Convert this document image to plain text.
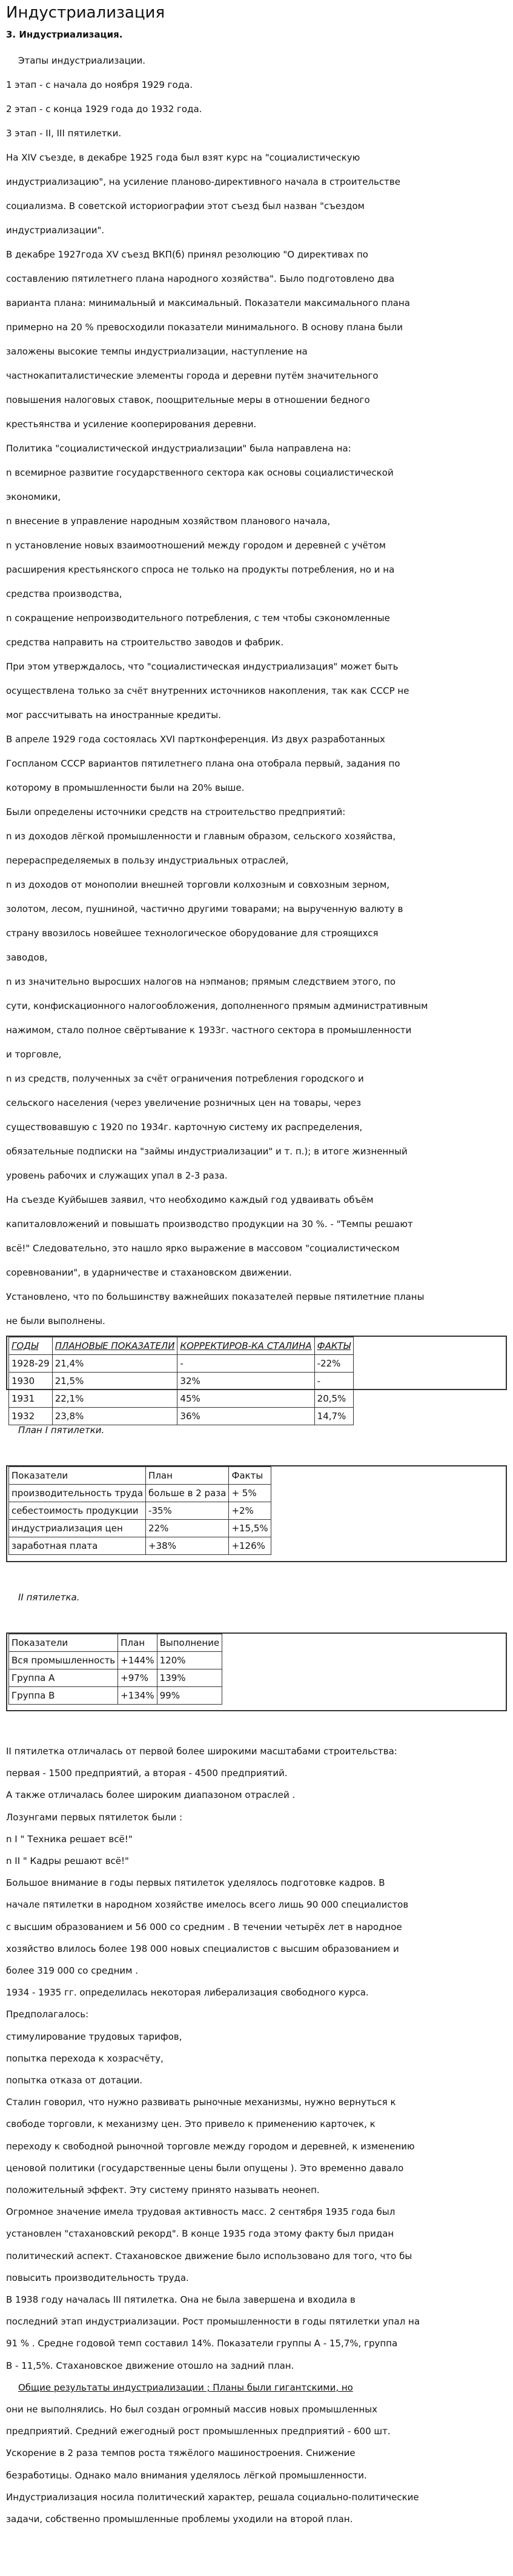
Индустриализация
3. Индустриализация.
Этапы индустриализации.
1 этап - с начала до ноября 1929 года.
2 этап - с конца 1929 года до 1932 года.
3 этап - II, III пятилетки.
На XIV съезде, в декабре 1925 года был взят курс на "социалистическую
индустриализацию", на усиление планово-директивного начала в строительстве
социализма. В советской историографии этот съезд был назван "съездом
индустриализации".
В декабре 1927года XV съезд ВКП(б) принял резолюцию "О директивах по
составлению пятилетнего плана народного хозяйства". Было подготовлено два
варианта плана: минимальный и максимальный. Показатели максимального плана
примерно на 20 % превосходили показатели минимального. В основу плана были
заложены высокие темпы индустриализации, наступление на
частнокапиталистические элементы города и деревни путём значительного
повышения налоговых ставок, поощрительные меры в отношении бедного
крестьянства и усиление кооперирования деревни.
Политика "социалистической индустриализации" была направлена на:
n всемирное развитие государственного сектора как основы социалистической
экономики,
n внесение в управление народным хозяйством планового начала,
n установление новых взаимоотношений между городом и деревней с учётом
расширения крестьянского спроса не только на продукты потребления, но и на
средства производства,
n сокращение непроизводительного потребления, с тем чтобы сэкономленные
средства направить на строительство заводов и фабрик.
При этом утверждалось, что "социалистическая индустриализация" может быть
осуществлена только за счёт внутренних источников накопления, так как СССР не
мог рассчитывать на иностранные кредиты.
В апреле 1929 года состоялась XVI партконференция. Из двух разработанных
Госпланом СССР вариантов пятилетнего плана она отобрала первый, задания по
которому в промышленности были на 20% выше.
Были определены источники средств на строительство предприятий:
n из доходов лёгкой промышленности и главным образом, сельского хозяйства,
перераспределяемых в пользу индустриальных отраслей,
n из доходов от монополии внешней торговли колхозным и совхозным зерном,
золотом, лесом, пушниной, частично другими товарами; на вырученную валюту в
страну ввозилось новейшее технологическое оборудование для строящихся
заводов,
n из значительно выросших налогов на нэпманов; прямым следствием этого, по
сути, конфискационного налогообложения, дополненного прямым административным
нажимом, стало полное свёртывание к 1933г. частного сектора в промышленности
и торговле,
n из средств, полученных за счёт ограничения потребления городского и
сельского населения (через увеличение розничных цен на товары, через
существовавшую с 1920 по 1934г. карточную систему их распределения,
обязательные подписки на "займы индустриализации" и т. п.); в итоге жизненный
уровень рабочих и служащих упал в 2-3 раза.
На съезде Куйбышев заявил, что необходимо каждый год удваивать объём
капиталовложений и повышать производство продукции на 30 %. - "Темпы решают
всё!" Следовательно, это нашло ярко выражение в массовом "социалистическом
соревновании", в ударничестве и стахановском движении.
Установлено, что по большинству важнейших показателей первые пятилетние планы
не были выполнены.
ГОДЫ	ПЛАНОВЫЕ ПОКАЗАТЕЛИ	КОРРЕКТИРОВ-КА СТАЛИНА	ФАКТЫ
1928-29	21,4%	-	-22%
1930	21,5%	32%	-
1931	22,1%	45%	20,5%
1932	23,8%	36%	14,7%
План I пятилетки.
Показатели	План	Факты
производительность труда	больше в 2 раза	+ 5%
себестоимость продукции	-35%	+2%
индустриализация цен	22%	+15,5%
заработная плата	+38%	+126%
II пятилетка.
Показатели	План	Выполнение
Вся промышленность	+144%	120%
Группа А	+97%	139%
Группа В	+134%	99%
II пятилетка отличалась от первой более широкими масштабами строительства:
первая - 1500 предприятий, а вторая - 4500 предприятий.
А также отличалась более широким диапазоном отраслей .
Лозунгами первых пятилеток были :
n I " Техника решает всё!"
n II " Кадры решают всё!"
Большое внимание в годы первых пятилеток уделялось подготовке кадров. В
начале пятилетки в народном хозяйстве имелось всего лишь 90 000 специалистов
с высшим образованием и 56 000 со средним . В течении четырёх лет в народное
хозяйство влилось более 198 000 новых специалистов с высшим образованием и
более 319 000 со средним .
1934 - 1935 гг. определилась некоторая либерализация свободного курса.
Предполагалось:
стимулирование трудовых тарифов,
попытка перехода к хозрасчёту,
попытка отказа от дотации.
Сталин говорил, что нужно развивать рыночные механизмы, нужно вернуться к
свободе торговли, к механизму цен. Это привело к применению карточек, к
переходу к свободной рыночной торговле между городом и деревней, к изменению
ценовой политики (государственные цены были опущены ). Это временно давало
положительный эффект. Эту систему принято называть неонеп.
Огромное значение имела трудовая активность масс. 2 сентября 1935 года был
установлен "стахановский рекорд". В конце 1935 года этому факту был придан
политический аспект. Стахановское движение было использовано для того, что бы
повысить производительность труда.
В 1938 году началась III пятилетка. Она не была завершена и входила в
последний этап индустриализации. Рост промышленности в годы пятилетки упал на
91 % . Средне годовой темп составил 14%. Показатели группы А - 15,7%, группа
В - 11,5%. Стахановское движение отошло на задний план.
Общие результаты индустриализации ; Планы были гигантскими, но
они не выполнялись. Но был создан огромный массив новых промышленных
предприятий. Средний ежегодный рост промышленных предприятий - 600 шт.
Ускорение в 2 раза темпов роста тяжёлого машиностроения. Снижение
безработицы. Однако мало внимания уделялось лёгкой промышленности.
Индустриализация носила политический характер, решала социально-политические
задачи, собственно промышленные проблемы уходили на второй план.
